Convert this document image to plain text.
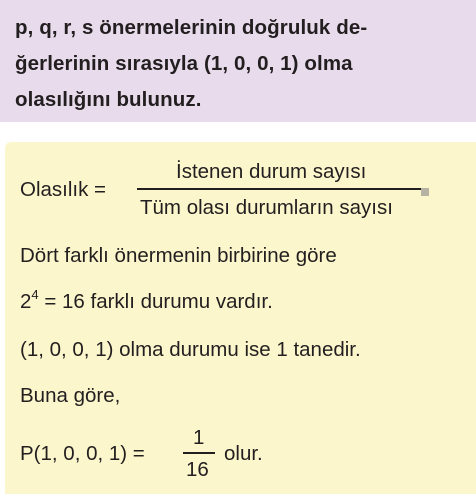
p, q, r, s önermelerinin doğruluk de-
ğerlerinin sırasıyla (1, 0, 0, 1) olma
olasılığını bulunuz.
Olasılık =
İstenen durum sayısı
Tüm olası durumların sayısı
Dört farklı önermenin birbirine göre
$2^4 = 16$ farklı durumu vardır.
(1, 0, 0, 1) olma durumu ise 1 tanedir.
Buna göre,
P(1, 0, 0, 1) =
1
16
olur.
